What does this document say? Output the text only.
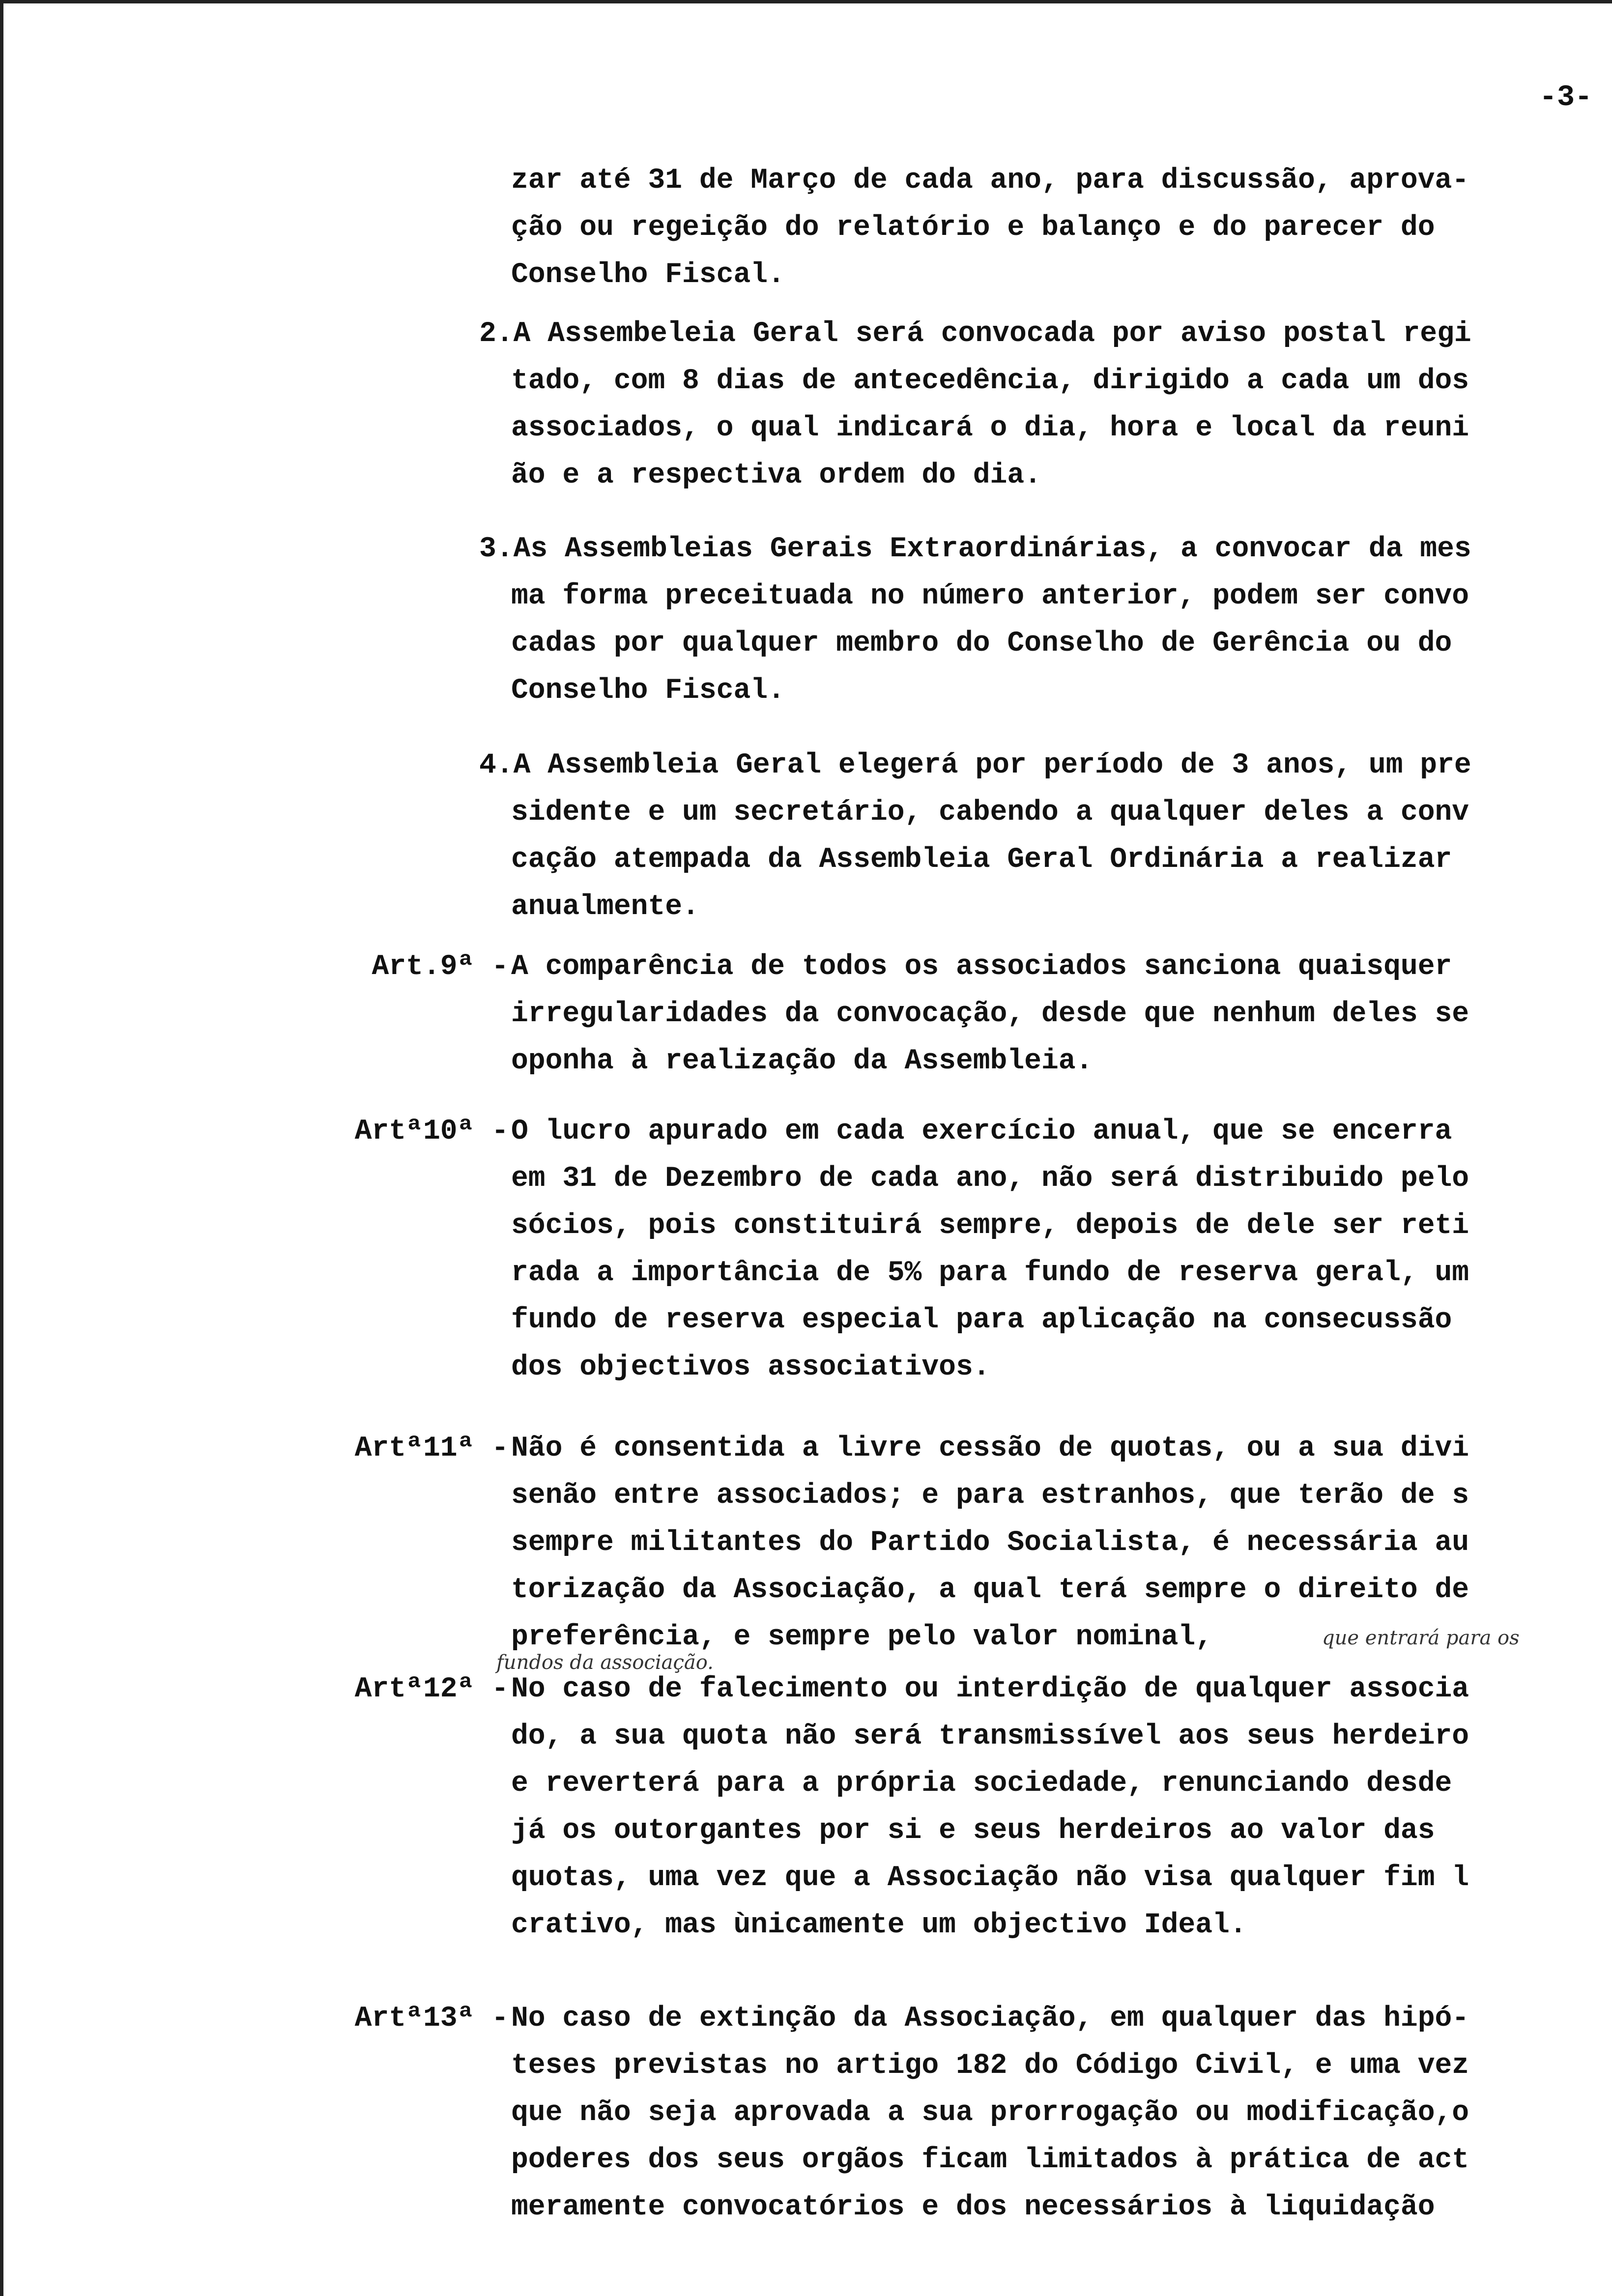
-3-
zar até 31 de Março de cada ano, para discussão, aprova-
ção ou regeição do relatório e balanço e do parecer do
Conselho Fiscal.
2.A Assembeleia Geral será convocada por aviso postal regi
tado, com 8 dias de antecedência, dirigido a cada um dos
associados, o qual indicará o dia, hora e local da reuni
ão e a respectiva ordem do dia.
3.As Assembleias Gerais Extraordinárias, a convocar da mes
ma forma preceituada no número anterior, podem ser convo
cadas por qualquer membro do Conselho de Gerência ou do
Conselho Fiscal.
4.A Assembleia Geral elegerá por período de 3 anos, um pre
sidente e um secretário, cabendo a qualquer deles a conv
cação atempada da Assembleia Geral Ordinária a realizar
anualmente.
Art.9ª - A comparência de todos os associados sanciona quaisquer
irregularidades da convocação, desde que nenhum deles se
oponha à realização da Assembleia.
Artª10ª - O lucro apurado em cada exercício anual, que se encerra
em 31 de Dezembro de cada ano, não será distribuido pelo
sócios, pois constituirá sempre, depois de dele ser reti
rada a importância de 5% para fundo de reserva geral, um
fundo de reserva especial para aplicação na consecussão
dos objectivos associativos.
Artª11ª - Não é consentida a livre cessão de quotas, ou a sua divi
senão entre associados; e para estranhos, que terão de s
sempre militantes do Partido Socialista, é necessária au
torização da Associação, a qual terá sempre o direito de
preferência, e sempre pelo valor nominal,
Artª12ª - No caso de falecimento ou interdição de qualquer associa
do, a sua quota não será transmissível aos seus herdeiro
e reverterá para a própria sociedade, renunciando desde
já os outorgantes por si e seus herdeiros ao valor das
quotas, uma vez que a Associação não visa qualquer fim l
crativo, mas ùnicamente um objectivo Ideal.
Artª13ª - No caso de extinção da Associação, em qualquer das hipó-
teses previstas no artigo 182 do Código Civil, e uma vez
que não seja aprovada a sua prorrogação ou modificação,o
poderes dos seus orgãos ficam limitados à prática de act
meramente convocatórios e dos necessários à liquidação
que entrará para os
fundos da associação.
